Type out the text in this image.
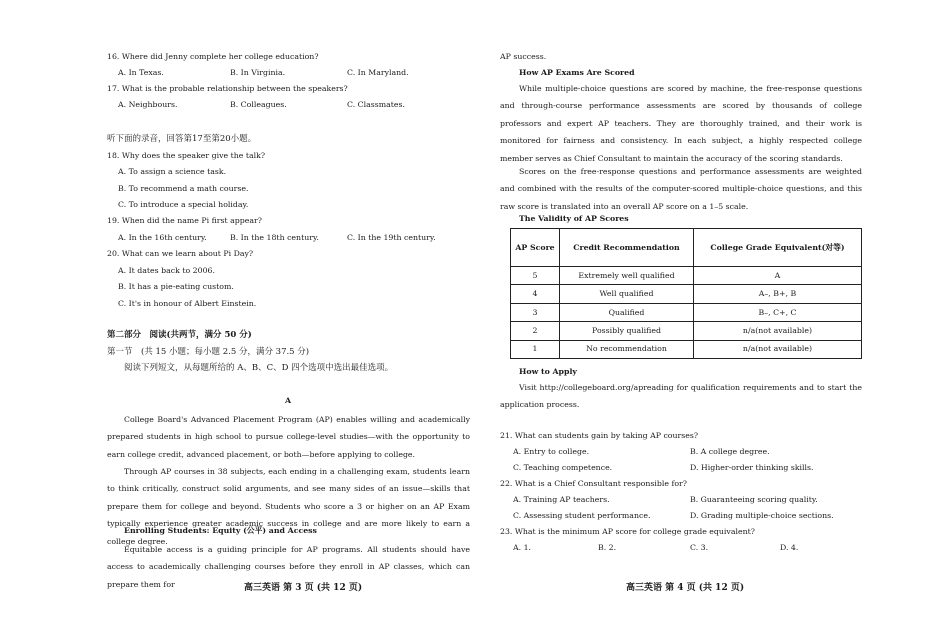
16. Where did Jenny complete her college education?
A. In Texas.	B. In Virginia.	C. In Maryland.
17. What is the probable relationship between the speakers?
A. Neighbours.	B. Colleagues.	C. Classmates.
听下面的录音，回答第17至第20小题。
18. Why does the speaker give the talk?
A. To assign a science task.
B. To recommend a math course.
C. To introduce a special holiday.
19. When did the name Pi first appear?
A. In the 16th century.	B. In the 18th century.	C. In the 19th century.
20. What can we learn about Pi Day?
A. It dates back to 2006.
B. It has a pie-eating custom.
C. It's in honour of Albert Einstein.
第二部分　阅读(共两节，满分 50 分)
第一节　(共 15 小题；每小题 2.5 分，满分 37.5 分)
阅读下列短文，从每题所给的 A、B、C、D 四个选项中选出最佳选项。
A
College Board's Advanced Placement Program (AP) enables willing and academically prepared students in high school to pursue college-level studies—with the opportunity to earn college credit, advanced placement, or both—before applying to college.
Through AP courses in 38 subjects, each ending in a challenging exam, students learn to think critically, construct solid arguments, and see many sides of an issue—skills that prepare them for college and beyond. Students who score a 3 or higher on an AP Exam typically experience greater academic success in college and are more likely to earn a college degree.
Enrolling Students: Equity (公平) and Access
Equitable access is a guiding principle for AP programs. All students should have access to academically challenging courses before they enroll in AP classes, which can prepare them for	高三英语 第 3 页 (共 12 页)
AP success.
How AP Exams Are Scored
While multiple-choice questions are scored by machine, the free-response questions and through-course performance assessments are scored by thousands of college professors and expert AP teachers. They are thoroughly trained, and their work is monitored for fairness and consistency. In each subject, a highly respected college member serves as Chief Consultant to maintain the accuracy of the scoring standards.
Scores on the free-response questions and performance assessments are weighted and combined with the results of the computer-scored multiple-choice questions, and this raw score is translated into an overall AP score on a 1–5 scale.
The Validity of AP Scores
AP Score	Credit Recommendation	College Grade Equivalent(对等)
5	Extremely well qualified	A
4	Well qualified	A–, B+, B
3	Qualified	B–, C+, C
2	Possibly qualified	n/a(not available)
1	No recommendation	n/a(not available)
How to Apply
Visit http://collegeboard.org/apreading for qualification requirements and to start the application process.
21. What can students gain by taking AP courses?
A. Entry to college.	B. A college degree.
C. Teaching competence.	D. Higher-order thinking skills.
22. What is a Chief Consultant responsible for?
A. Training AP teachers.	B. Guaranteeing scoring quality.
C. Assessing student performance.	D. Grading multiple-choice sections.
23. What is the minimum AP score for college grade equivalent?
A. 1.	B. 2.	C. 3.	D. 4.
高三英语 第 4 页 (共 12 页)
